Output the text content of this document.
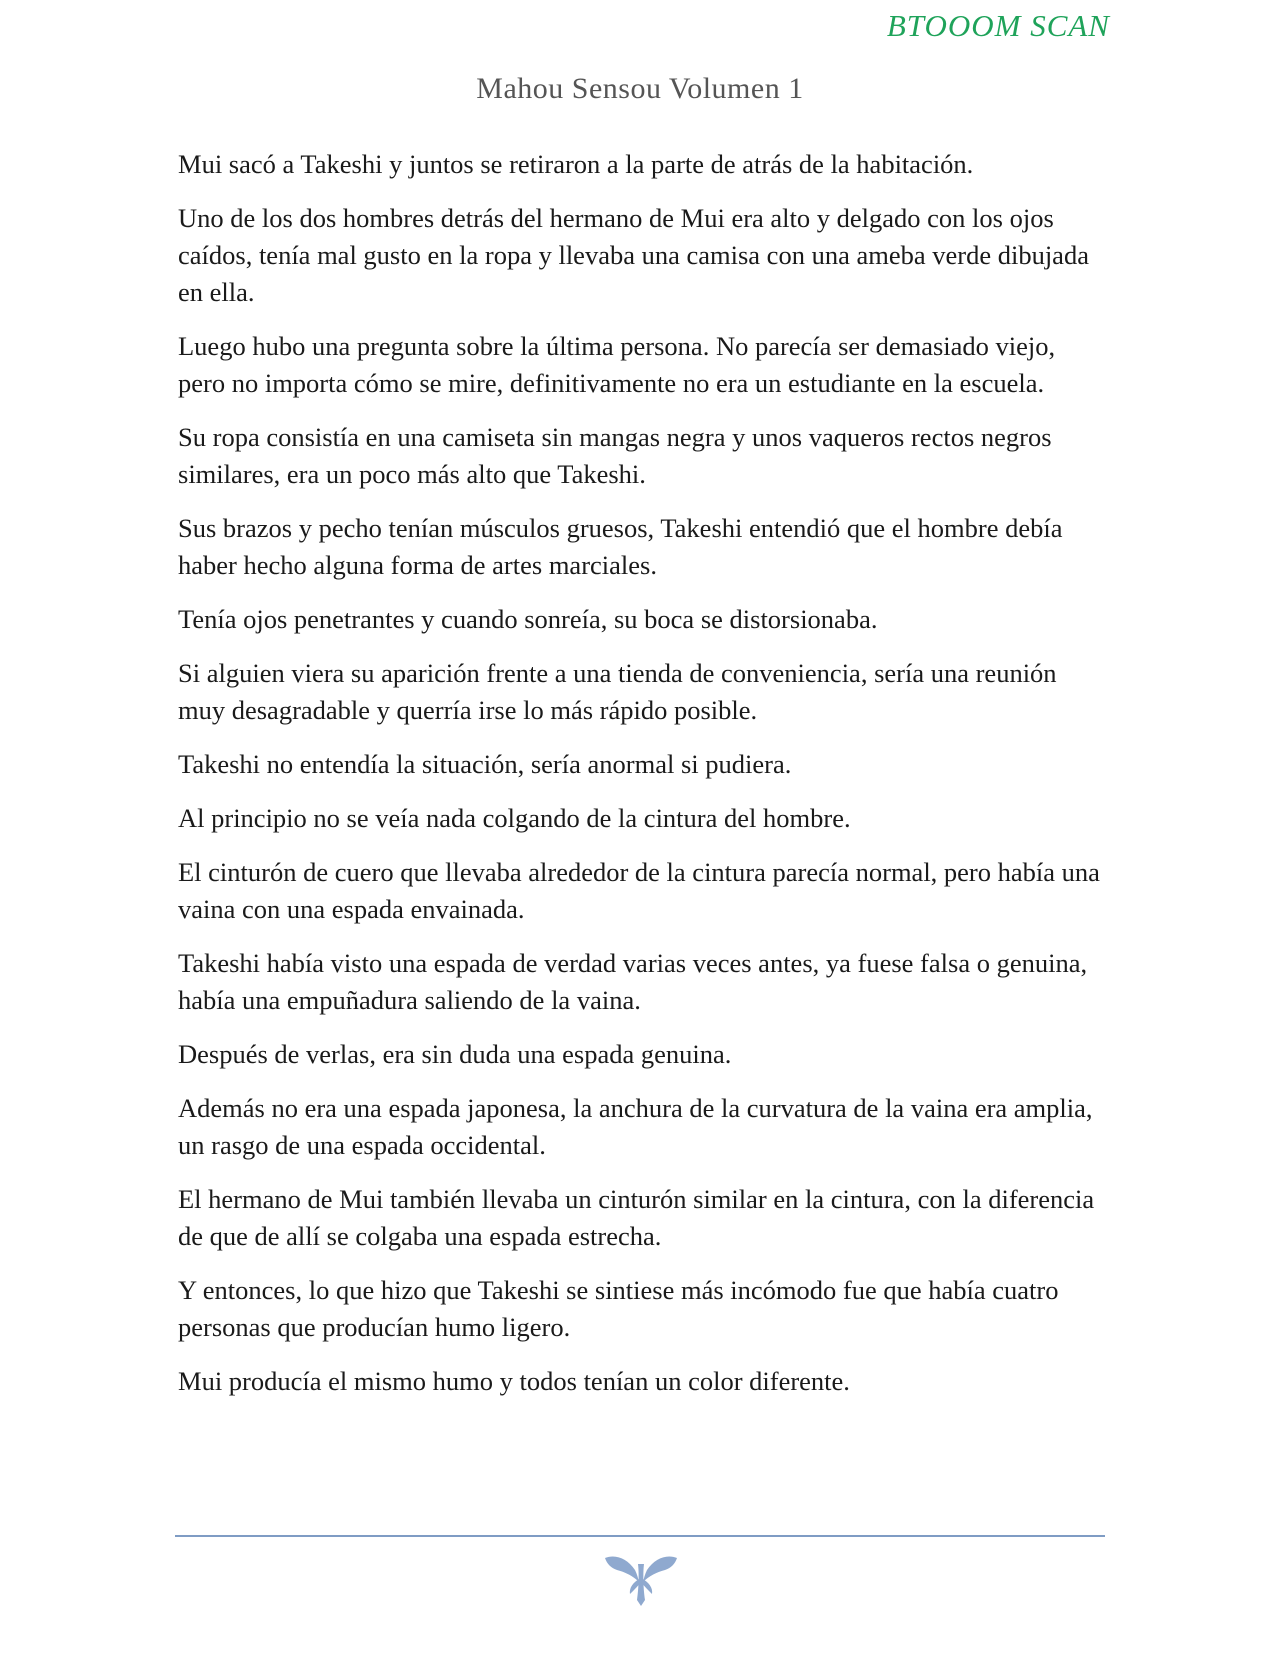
BTOOOM SCAN
Mahou Sensou Volumen 1

Mui sacó a Takeshi y juntos se retiraron a la parte de atrás de la habitación.

Uno de los dos hombres detrás del hermano de Mui era alto y delgado con los ojos caídos, tenía mal gusto en la ropa y llevaba una camisa con una ameba verde dibujada en ella.

Luego hubo una pregunta sobre la última persona. No parecía ser demasiado viejo, pero no importa cómo se mire, definitivamente no era un estudiante en la escuela.

Su ropa consistía en una camiseta sin mangas negra y unos vaqueros rectos negros similares, era un poco más alto que Takeshi.

Sus brazos y pecho tenían músculos gruesos, Takeshi entendió que el hombre debía haber hecho alguna forma de artes marciales.

Tenía ojos penetrantes y cuando sonreía, su boca se distorsionaba.

Si alguien viera su aparición frente a una tienda de conveniencia, sería una reunión muy desagradable y querría irse lo más rápido posible.

Takeshi no entendía la situación, sería anormal si pudiera.

Al principio no se veía nada colgando de la cintura del hombre.

El cinturón de cuero que llevaba alrededor de la cintura parecía normal, pero había una vaina con una espada envainada.

Takeshi había visto una espada de verdad varias veces antes, ya fuese falsa o genuina, había una empuñadura saliendo de la vaina.

Después de verlas, era sin duda una espada genuina.

Además no era una espada japonesa, la anchura de la curvatura de la vaina era amplia, un rasgo de una espada occidental.

El hermano de Mui también llevaba un cinturón similar en la cintura, con la diferencia de que de allí se colgaba una espada estrecha.

Y entonces, lo que hizo que Takeshi se sintiese más incómodo fue que había cuatro personas que producían humo ligero.

Mui producía el mismo humo y todos tenían un color diferente.
